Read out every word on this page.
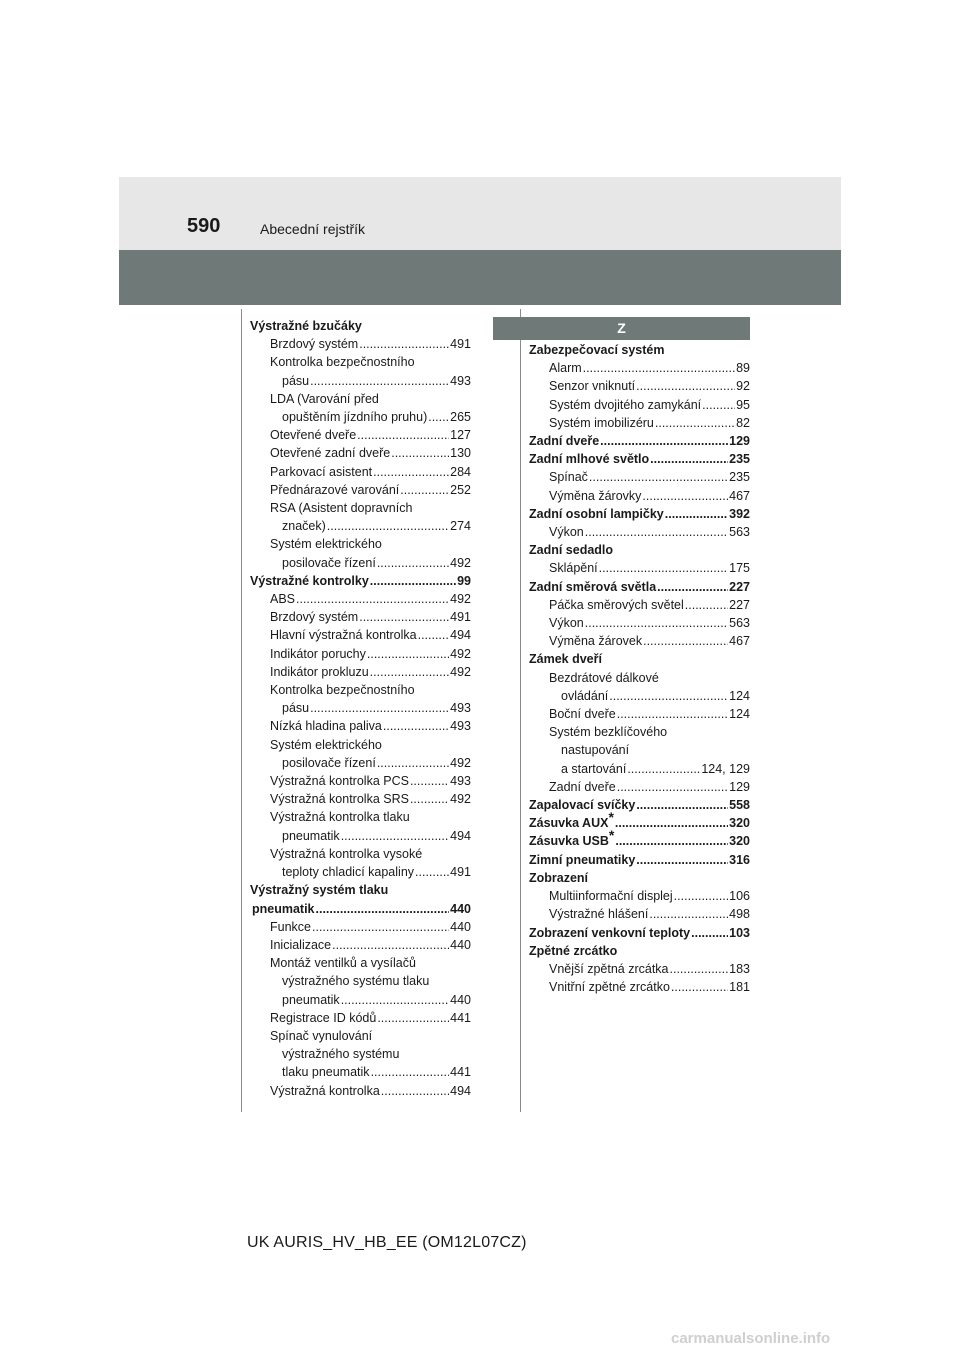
590	Abecední rejstřík
Výstražné bzučáky
Brzdový systém .....	491
Kontrolka bezpečnostního
pásu .....	493
LDA (Varování před
opuštěním jízdního pruhu) ..... 265
Otevřené dveře .....	127
Otevřené zadní dveře .....	130
Parkovací asistent .....	284
Přednárazové varování .....	252
RSA (Asistent dopravních
značek) .....	274
Systém elektrického
posilovače řízení .....	492
Výstražné kontrolky .....	99
ABS .....	492
Brzdový systém .....	491
Hlavní výstražná kontrolka .....	494
Indikátor poruchy .....	492
Indikátor prokluzu .....	492
Kontrolka bezpečnostního
pásu .....	493
Nízká hladina paliva .....	493
Systém elektrického
posilovače řízení .....	492
Výstražná kontrolka PCS .....	493
Výstražná kontrolka SRS .....	492
Výstražná kontrolka tlaku
pneumatik .....	494
Výstražná kontrolka vysoké
teploty chladicí kapaliny .....	491
Výstražný systém tlaku
pneumatik .....	440
Funkce .....	440
Inicializace .....	440
Montáž ventilků a vysílačů
výstražného systému tlaku
pneumatik .....	440
Registrace ID kódů .....	441
Spínač vynulování
výstražného systému
tlaku pneumatik .....	441
Výstražná kontrolka .....	494
Z
Zabezpečovací systém
Alarm .....	89
Senzor vniknutí .....	92
Systém dvojitého zamykání .....	95
Systém imobilizéru .....	82
Zadní dveře .....	129
Zadní mlhové světlo .....	235
Spínač .....	235
Výměna žárovky .....	467
Zadní osobní lampičky .....	392
Výkon .....	563
Zadní sedadlo
Sklápění .....	175
Zadní směrová světla .....	227
Páčka směrových světel .....	227
Výkon .....	563
Výměna žárovek .....	467
Zámek dveří
Bezdrátové dálkové
ovládání .....	124
Boční dveře .....	124
Systém bezklíčového
nastupování
a startování .....	124, 129
Zadní dveře .....	129
Zapalovací svíčky .....	558
Zásuvka AUX* .....	320
Zásuvka USB* .....	320
Zimní pneumatiky .....	316
Zobrazení
Multiinformační displej .....	106
Výstražné hlášení .....	498
Zobrazení venkovní teploty .....	103
Zpětné zrcátko
Vnější zpětná zrcátka .....	183
Vnitřní zpětné zrcátko .....	181
UK AURIS_HV_HB_EE (OM12L07CZ)
carmanualsonline.info
